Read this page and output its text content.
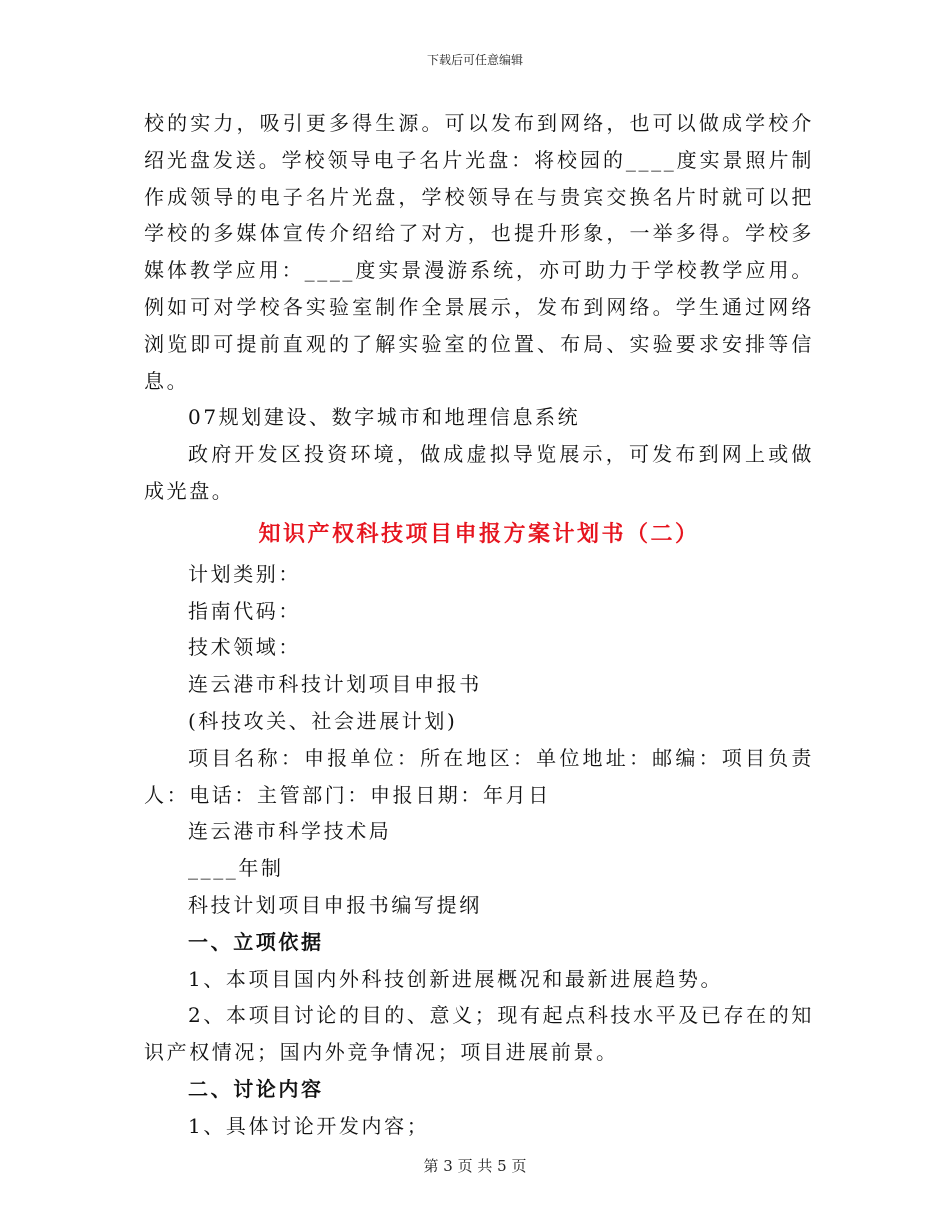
下载后可任意编辑

校的实力，吸引更多得生源。可以发布到网络，也可以做成学校介绍光盘发送。学校领导电子名片光盘：将校园的____度实景照片制作成领导的电子名片光盘，学校领导在与贵宾交换名片时就可以把学校的多媒体宣传介绍给了对方，也提升形象，一举多得。学校多媒体教学应用：____度实景漫游系统，亦可助力于学校教学应用。例如可对学校各实验室制作全景展示，发布到网络。学生通过网络浏览即可提前直观的了解实验室的位置、布局、实验要求安排等信息。

07规划建设、数字城市和地理信息系统

政府开发区投资环境，做成虚拟导览展示，可发布到网上或做成光盘。

知识产权科技项目申报方案计划书（二）

计划类别：

指南代码：

技术领域：

连云港市科技计划项目申报书

(科技攻关、社会进展计划)

项目名称：申报单位：所在地区：单位地址：邮编：项目负责人：电话：主管部门：申报日期：年月日

连云港市科学技术局

____年制

科技计划项目申报书编写提纲

一、立项依据

1、本项目国内外科技创新进展概况和最新进展趋势。

2、本项目讨论的目的、意义；现有起点科技水平及已存在的知识产权情况；国内外竞争情况；项目进展前景。

二、讨论内容

1、具体讨论开发内容；

第 3 页 共 5 页
